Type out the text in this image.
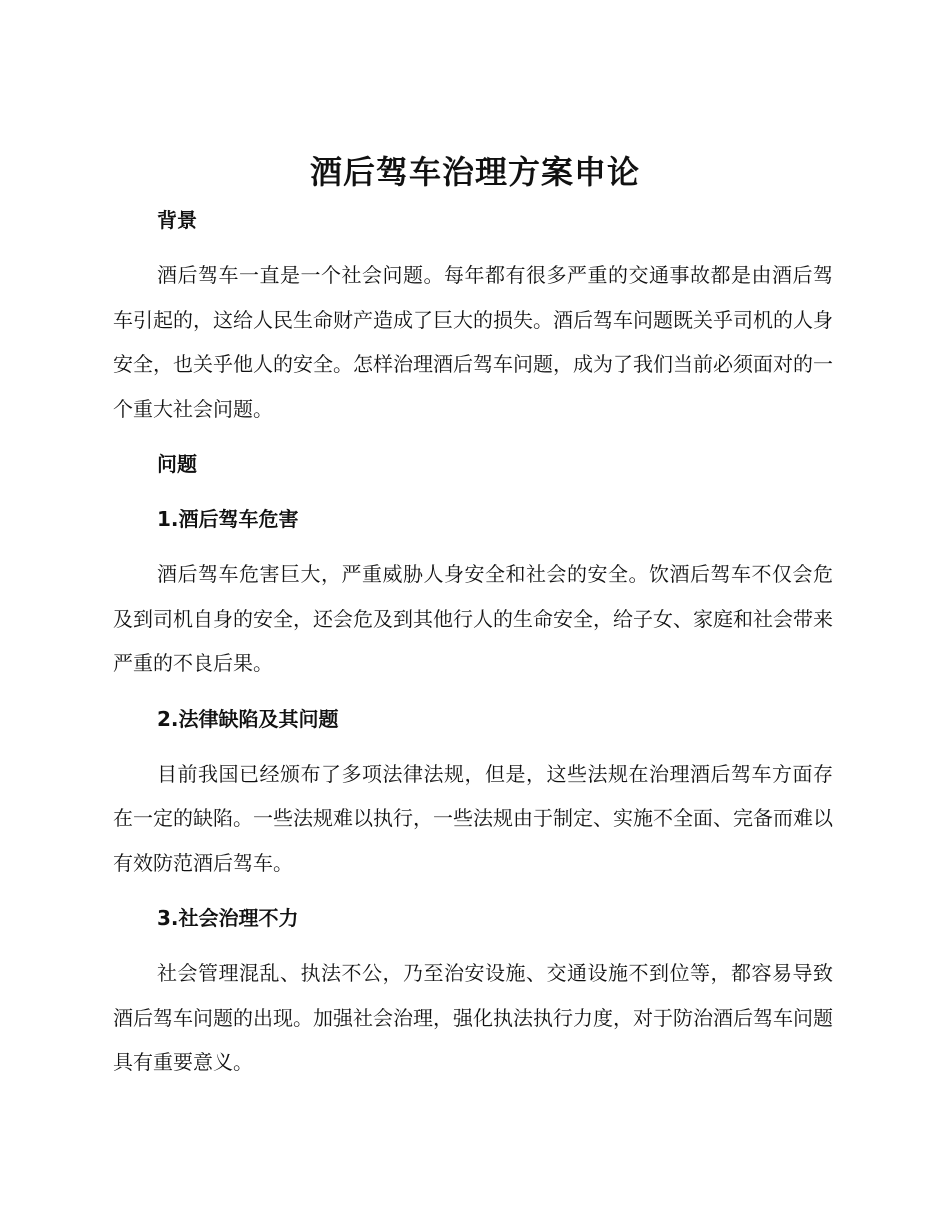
酒后驾车治理方案申论

背景

酒后驾车一直是一个社会问题。每年都有很多严重的交通事故都是由酒后驾车引起的，这给人民生命财产造成了巨大的损失。酒后驾车问题既关乎司机的人身安全，也关乎他人的安全。怎样治理酒后驾车问题，成为了我们当前必须面对的一个重大社会问题。

问题

1.酒后驾车危害

酒后驾车危害巨大，严重威胁人身安全和社会的安全。饮酒后驾车不仅会危及到司机自身的安全，还会危及到其他行人的生命安全，给子女、家庭和社会带来严重的不良后果。

2.法律缺陷及其问题

目前我国已经颁布了多项法律法规，但是，这些法规在治理酒后驾车方面存在一定的缺陷。一些法规难以执行，一些法规由于制定、实施不全面、完备而难以有效防范酒后驾车。

3.社会治理不力

社会管理混乱、执法不公，乃至治安设施、交通设施不到位等，都容易导致酒后驾车问题的出现。加强社会治理，强化执法执行力度，对于防治酒后驾车问题具有重要意义。
